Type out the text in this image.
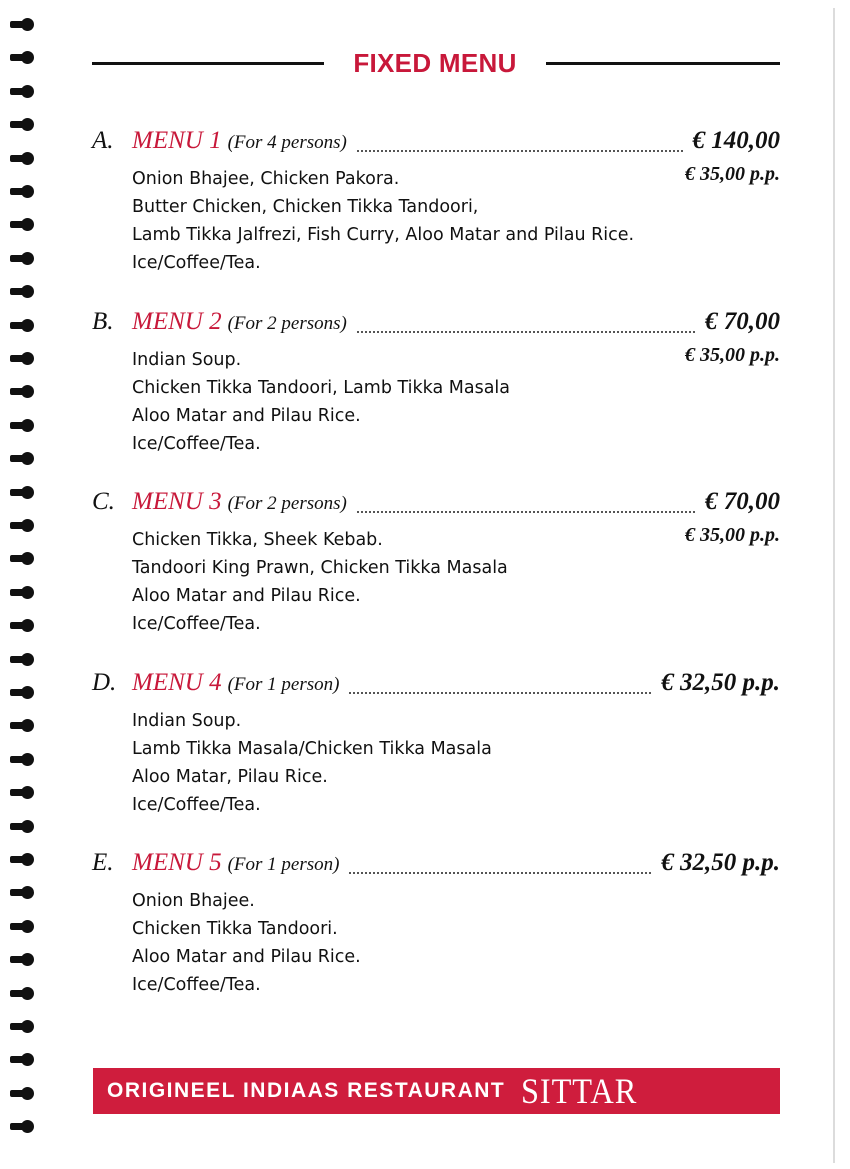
FIXED MENU
A. MENU 1 (For 4 persons)	€ 140,00
€ 35,00 p.p.
Onion Bhajee, Chicken Pakora.
Butter Chicken, Chicken Tikka Tandoori,
Lamb Tikka Jalfrezi, Fish Curry, Aloo Matar and Pilau Rice.
Ice/Coffee/Tea.
B. MENU 2 (For 2 persons)	€ 70,00
€ 35,00 p.p.
Indian Soup.
Chicken Tikka Tandoori, Lamb Tikka Masala
Aloo Matar and Pilau Rice.
Ice/Coffee/Tea.
C. MENU 3 (For 2 persons)	€ 70,00
€ 35,00 p.p.
Chicken Tikka, Sheek Kebab.
Tandoori King Prawn, Chicken Tikka Masala
Aloo Matar and Pilau Rice.
Ice/Coffee/Tea.
D. MENU 4 (For 1 person)	€ 32,50 p.p.
Indian Soup.
Lamb Tikka Masala/Chicken Tikka Masala
Aloo Matar, Pilau Rice.
Ice/Coffee/Tea.
E. MENU 5 (For 1 person)	€ 32,50 p.p.
Onion Bhajee.
Chicken Tikka Tandoori.
Aloo Matar and Pilau Rice.
Ice/Coffee/Tea.
ORIGINEEL INDIAAS RESTAURANT SITTAR
